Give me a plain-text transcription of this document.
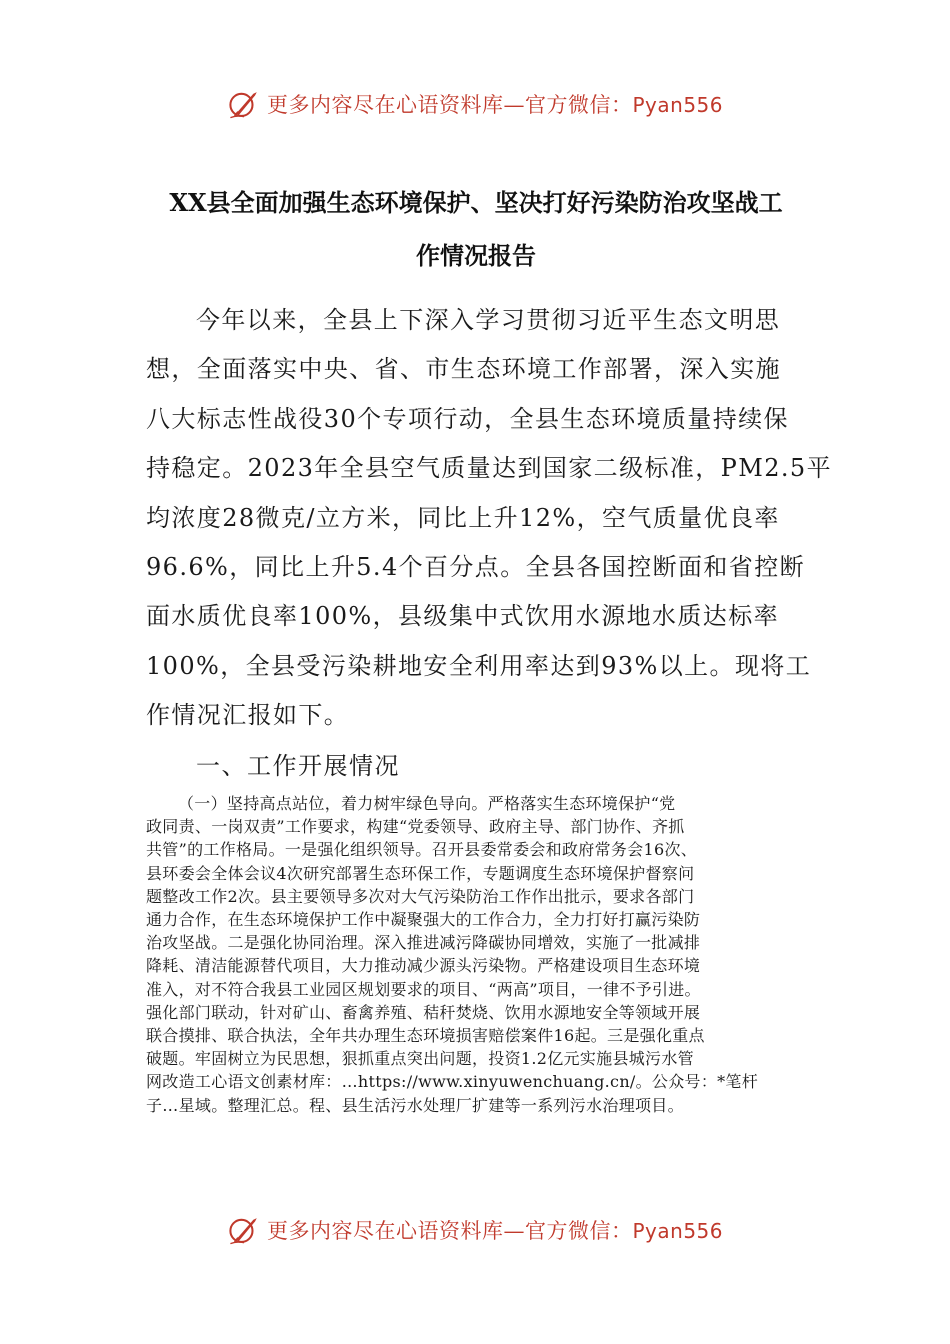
更多内容尽在心语资料库—官方微信：Pyan556
XX县全面加强生态环境保护、坚决打好污染防治攻坚战工
作情况报告
今年以来，全县上下深入学习贯彻习近平生态文明思
想，全面落实中央、省、市生态环境工作部署，深入实施
八大标志性战役30个专项行动，全县生态环境质量持续保
持稳定。2023年全县空气质量达到国家二级标准，PM2.5平
均浓度28微克/立方米，同比上升12%，空气质量优良率
96.6%，同比上升5.4个百分点。全县各国控断面和省控断
面水质优良率100%，县级集中式饮用水源地水质达标率
100%，全县受污染耕地安全利用率达到93%以上。现将工
作情况汇报如下。
一、工作开展情况
（一）坚持高点站位，着力树牢绿色导向。严格落实生态环境保护“党
政同责、一岗双责”工作要求，构建“党委领导、政府主导、部门协作、齐抓
共管”的工作格局。一是强化组织领导。召开县委常委会和政府常务会16次、
县环委会全体会议4次研究部署生态环保工作，专题调度生态环境保护督察问
题整改工作2次。县主要领导多次对大气污染防治工作作出批示，要求各部门
通力合作，在生态环境保护工作中凝聚强大的工作合力，全力打好打赢污染防
治攻坚战。二是强化协同治理。深入推进减污降碳协同增效，实施了一批减排
降耗、清洁能源替代项目，大力推动减少源头污染物。严格建设项目生态环境
准入，对不符合我县工业园区规划要求的项目、“两高”项目，一律不予引进。
强化部门联动，针对矿山、畜禽养殖、秸秆焚烧、饮用水源地安全等领域开展
联合摸排、联合执法，全年共办理生态环境损害赔偿案件16起。三是强化重点
破题。牢固树立为民思想，狠抓重点突出问题，投资1.2亿元实施县城污水管
网改造工心语文创素材库：…https://www.xinyuwenchuang.cn/。公众号：*笔杆
子…星域。整理汇总。程、县生活污水处理厂扩建等一系列污水治理项目。
更多内容尽在心语资料库—官方微信：Pyan556
